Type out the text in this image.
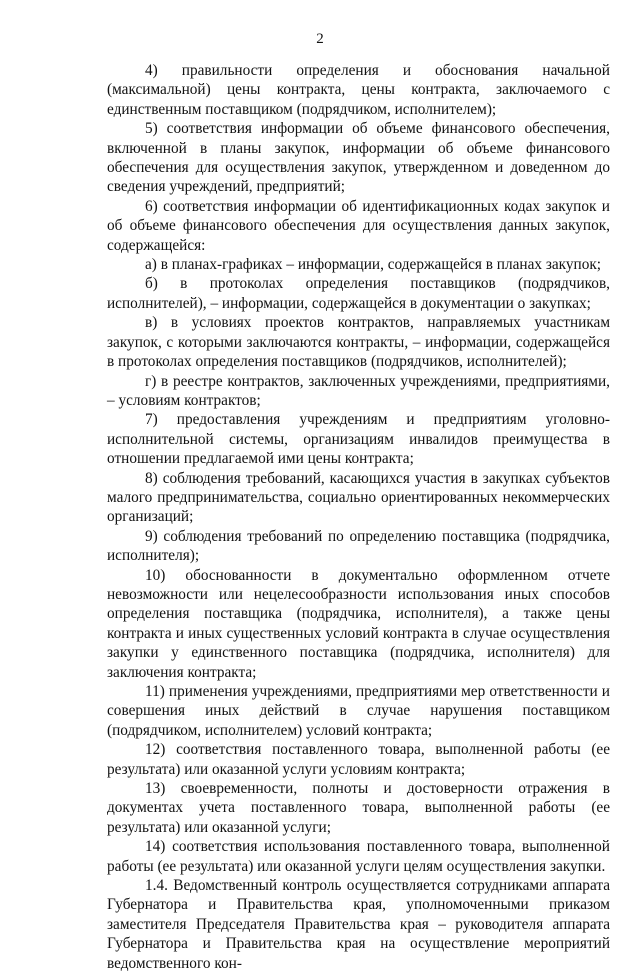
2

4) правильности определения и обоснования начальной (максимальной) цены контракта, цены контракта, заключаемого с единственным поставщиком (подрядчиком, исполнителем);

5) соответствия информации об объеме финансового обеспечения, включенной в планы закупок, информации об объеме финансового обеспечения для осуществления закупок, утвержденном и доведенном до сведения учреждений, предприятий;

6) соответствия информации об идентификационных кодах закупок и об объеме финансового обеспечения для осуществления данных закупок, содержащейся:

а) в планах-графиках – информации, содержащейся в планах закупок;

б) в протоколах определения поставщиков (подрядчиков, исполнителей), – информации, содержащейся в документации о закупках;

в) в условиях проектов контрактов, направляемых участникам закупок, с которыми заключаются контракты, – информации, содержащейся в протоколах определения поставщиков (подрядчиков, исполнителей);

г) в реестре контрактов, заключенных учреждениями, предприятиями, – условиям контрактов;

7) предоставления учреждениям и предприятиям уголовно-исполнительной системы, организациям инвалидов преимущества в отношении предлагаемой ими цены контракта;

8) соблюдения требований, касающихся участия в закупках субъектов малого предпринимательства, социально ориентированных некоммерческих организаций;

9) соблюдения требований по определению поставщика (подрядчика, исполнителя);

10) обоснованности в документально оформленном отчете невозможности или нецелесообразности использования иных способов определения поставщика (подрядчика, исполнителя), а также цены контракта и иных существенных условий контракта в случае осуществления закупки у единственного поставщика (подрядчика, исполнителя) для заключения контракта;

11) применения учреждениями, предприятиями мер ответственности и совершения иных действий в случае нарушения поставщиком (подрядчиком, исполнителем) условий контракта;

12) соответствия поставленного товара, выполненной работы (ее результата) или оказанной услуги условиям контракта;

13) своевременности, полноты и достоверности отражения в документах учета поставленного товара, выполненной работы (ее результата) или оказанной услуги;

14) соответствия использования поставленного товара, выполненной работы (ее результата) или оказанной услуги целям осуществления закупки.

1.4. Ведомственный контроль осуществляется сотрудниками аппарата Губернатора и Правительства края, уполномоченными приказом заместителя Председателя Правительства края – руководителя аппарата Губернатора и Правительства края на осуществление мероприятий ведомственного кон-
